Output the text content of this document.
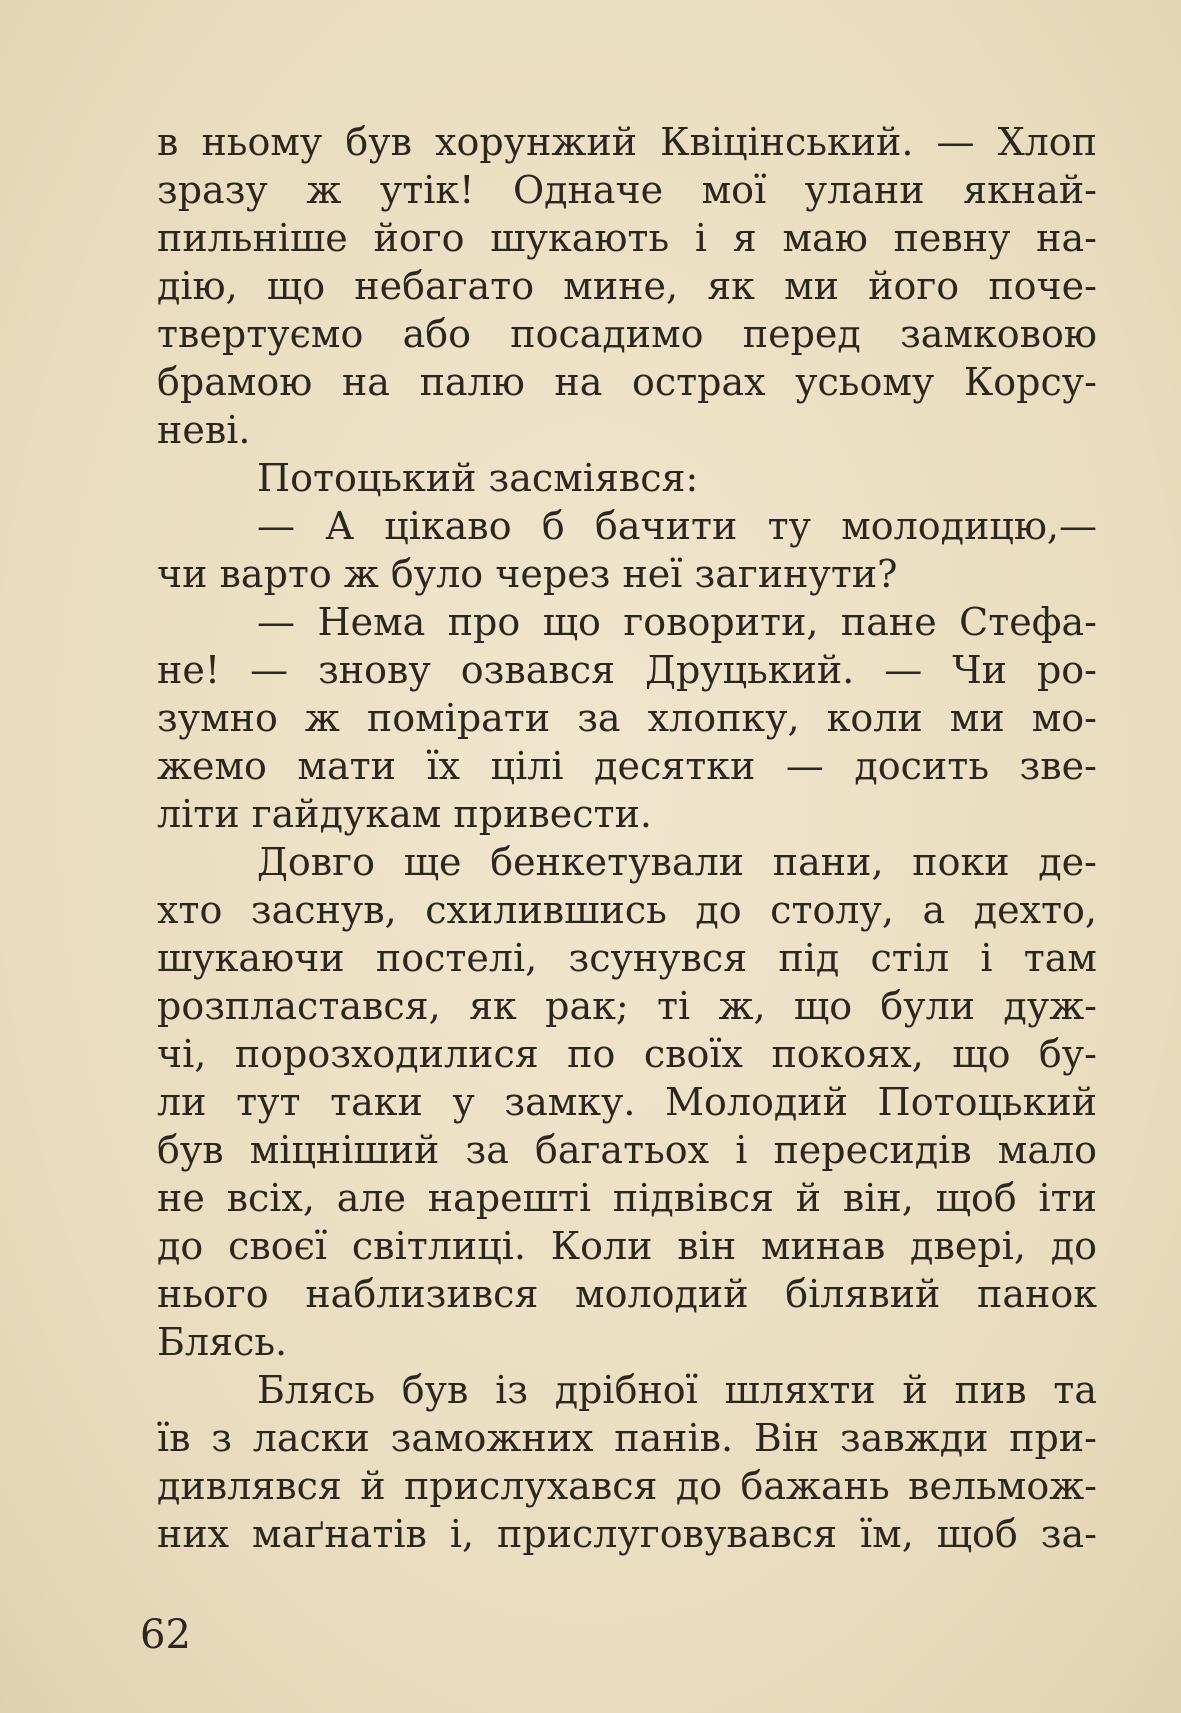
в ньому був хорунжий Квіцінський. — Хлоп
зразу ж утік! Одначе мої улани якнай-
пильніше його шукають і я маю певну на-
дію, що небагато мине, як ми його поче-
твертуємо або посадимо перед замковою
брамою на палю на острах усьому Корсу-
неві.
Потоцький засміявся:
— А цікаво б бачити ту молодицю,—
чи варто ж було через неї загинути?
— Нема про що говорити, пане Стефа-
не! — знову озвався Друцький. — Чи ро-
зумно ж помірати за хлопку, коли ми мо-
жемо мати їх цілі десятки — досить зве-
літи гайдукам привести.
Довго ще бенкетували пани, поки де-
хто заснув, схилившись до столу, а дехто,
шукаючи постелі, зсунувся під стіл і там
розпластався, як рак; ті ж, що були дуж-
чі, порозходилися по своїх покоях, що бу-
ли тут таки у замку. Молодий Потоцький
був міцніший за багатьох і пересидів мало
не всіх, але нарешті підвівся й він, щоб іти
до своєї світлиці. Коли він минав двері, до
нього наблизився молодий білявий панок
Блясь.
Блясь був із дрібної шляхти й пив та
їв з ласки заможних панів. Він завжди при-
дивлявся й прислухався до бажань вельмож-
них маґнатів і, прислуговувався їм, щоб за-
62
